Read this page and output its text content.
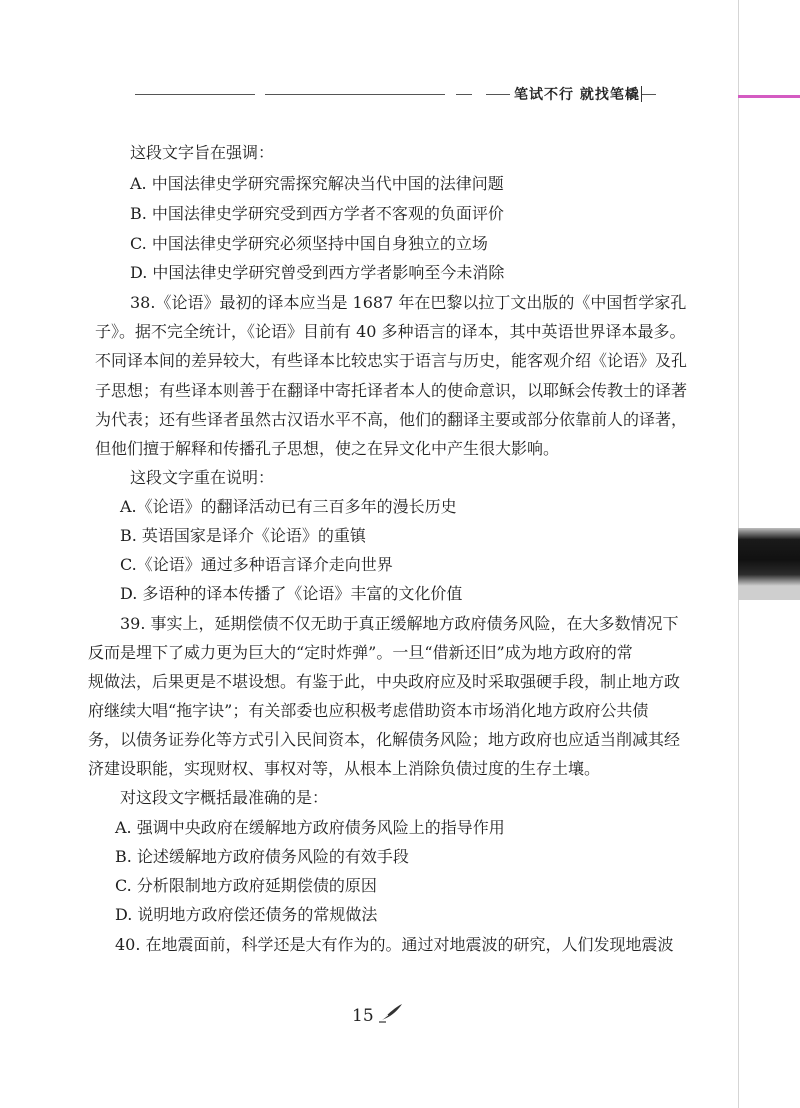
笔试不行 就找笔橇
这段文字旨在强调：
A. 中国法律史学研究需探究解决当代中国的法律问题
B. 中国法律史学研究受到西方学者不客观的负面评价
C. 中国法律史学研究必须坚持中国自身独立的立场
D. 中国法律史学研究曾受到西方学者影响至今未消除
38.《论语》最初的译本应当是 1687 年在巴黎以拉丁文出版的《中国哲学家孔
子》。据不完全统计，《论语》目前有 40 多种语言的译本，其中英语世界译本最多。
不同译本间的差异较大，有些译本比较忠实于语言与历史，能客观介绍《论语》及孔
子思想；有些译本则善于在翻译中寄托译者本人的使命意识，以耶稣会传教士的译著
为代表；还有些译者虽然古汉语水平不高，他们的翻译主要或部分依靠前人的译著，
但他们擅于解释和传播孔子思想，使之在异文化中产生很大影响。
这段文字重在说明：
A.《论语》的翻译活动已有三百多年的漫长历史
B. 英语国家是译介《论语》的重镇
C.《论语》通过多种语言译介走向世界
D. 多语种的译本传播了《论语》丰富的文化价值
39. 事实上，延期偿债不仅无助于真正缓解地方政府债务风险，在大多数情况下
反而是埋下了威力更为巨大的“定时炸弹”。一旦“借新还旧”成为地方政府的常
规做法，后果更是不堪设想。有鉴于此，中央政府应及时采取强硬手段，制止地方政
府继续大唱“拖字诀”；有关部委也应积极考虑借助资本市场消化地方政府公共债
务，以债务证券化等方式引入民间资本，化解债务风险；地方政府也应适当削减其经
济建设职能，实现财权、事权对等，从根本上消除负债过度的生存土壤。
对这段文字概括最准确的是：
A. 强调中央政府在缓解地方政府债务风险上的指导作用
B. 论述缓解地方政府债务风险的有效手段
C. 分析限制地方政府延期偿债的原因
D. 说明地方政府偿还债务的常规做法
40. 在地震面前，科学还是大有作为的。通过对地震波的研究，人们发现地震波
15
